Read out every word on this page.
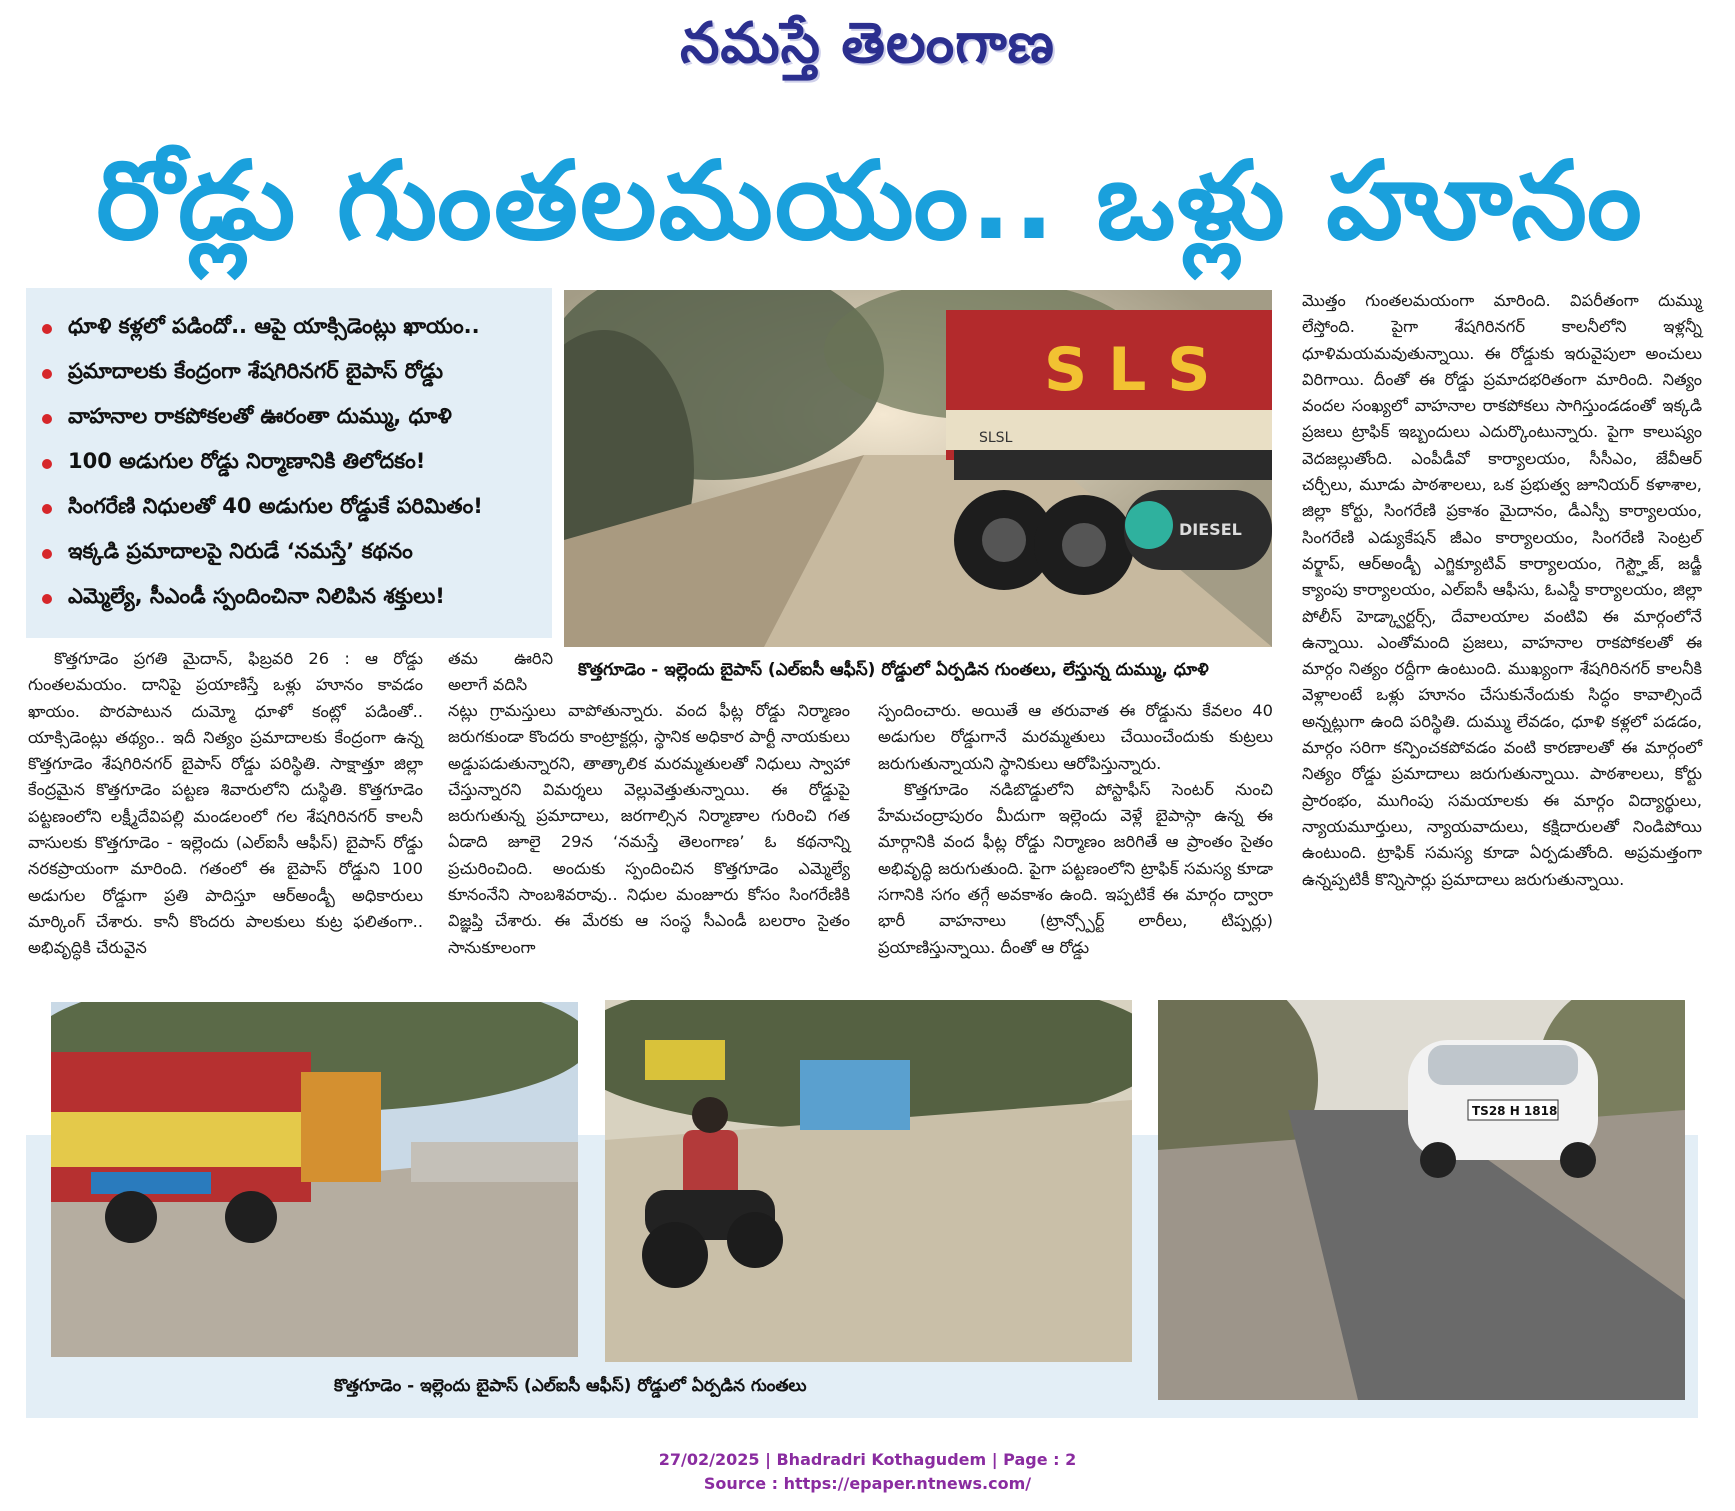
నమస్తే తెలంగాణ
రోడ్లు గుంతలమయం.. ఒళ్లు హూనం
ధూళి కళ్లలో పడిందో.. ఆపై యాక్సిడెంట్లు ఖాయం..
ప్రమాదాలకు కేంద్రంగా శేషగిరినగర్ బైపాస్ రోడ్డు
వాహనాల రాకపోకలతో ఊరంతా దుమ్ము, ధూళి
100 అడుగుల రోడ్డు నిర్మాణానికి తిలోదకం!
సింగరేణి నిధులతో 40 అడుగుల రోడ్డుకే పరిమితం!
ఇక్కడి ప్రమాదాలపై నిరుడే ‘నమస్తే’ కథనం
ఎమ్మెల్యే, సీఎండీ స్పందించినా నిలిపిన శక్తులు!
S L S
SLSL
DIESEL
కొత్తగూడెం - ఇల్లెందు బైపాస్ (ఎల్ఐసీ ఆఫీస్) రోడ్డులో ఏర్పడిన గుంతలు, లేస్తున్న దుమ్ము, ధూళి

కొత్తగూడెం ప్రగతి మైదాన్, ఫిబ్రవరి 26 : ఆ రోడ్డు గుంతలమయం. దానిపై ప్రయాణిస్తే ఒళ్లు హూనం కావడం ఖాయం. పొరపాటున దుమ్మో ధూళో కంట్లో పడింతో.. యాక్సిడెంట్లు తథ్యం.. ఇదీ నిత్యం ప్రమాదాలకు కేంద్రంగా ఉన్న కొత్తగూడెం శేషగిరినగర్ బైపాస్ రోడ్డు పరిస్థితి. సాక్షాత్తూ జిల్లా కేంద్రమైన కొత్తగూడెం పట్టణ శివారులోని దుస్థితి. కొత్తగూడెం పట్టణంలోని లక్ష్మీదేవిపల్లి మండలంలో గల శేషగిరినగర్ కాలనీ వాసులకు కొత్తగూడెం - ఇల్లెందు (ఎల్ఐసీ ఆఫీస్) బైపాస్ రోడ్డు నరకప్రాయంగా మారింది. గతంలో ఈ బైపాస్ రోడ్డుని 100 అడుగుల రోడ్డుగా ప్రతి పాదిస్తూ ఆర్అండ్బీ అధికారులు మార్కింగ్ చేశారు. కానీ కొందరు పాలకులు కుట్ర ఫలితంగా.. అభివృద్ధికి చేరువైన

తమ ఊరిని అలాగే వదిసి

నట్లు గ్రామస్తులు వాపోతున్నారు. వంద ఫీట్ల రోడ్డు నిర్మాణం జరుగకుండా కొందరు కాంట్రాక్టర్లు, స్థానిక అధికార పార్టీ నాయకులు అడ్డుపడుతున్నారని, తాత్కాలిక మరమ్మతులతో నిధులు స్వాహా చేస్తున్నారని విమర్శలు వెల్లువెత్తుతున్నాయి. ఈ రోడ్డుపై జరుగుతున్న ప్రమాదాలు, జరగాల్సిన నిర్మాణాల గురించి గత ఏడాది జూలై 29న ‘నమస్తే తెలంగాణ’ ఓ కథనాన్ని ప్రచురించింది. అందుకు స్పందించిన కొత్తగూడెం ఎమ్మెల్యే కూనంనేని సాంబశివరావు.. నిధుల మంజూరు కోసం సింగరేణికి విజ్ఞప్తి చేశారు. ఈ మేరకు ఆ సంస్థ సీఎండీ బలరాం సైతం సానుకూలంగా

స్పందించారు. అయితే ఆ తరువాత ఈ రోడ్డును కేవలం 40 అడుగుల రోడ్డుగానే మరమ్మతులు చేయించేందుకు కుట్రలు జరుగుతున్నాయని స్థానికులు ఆరోపిస్తున్నారు.

కొత్తగూడెం నడిబొడ్డులోని పోస్టాఫీస్ సెంటర్ నుంచి హేమచంద్రాపురం మీదుగా ఇల్లెందు వెళ్లే బైపాస్గా ఉన్న ఈ మార్గానికి వంద ఫీట్ల రోడ్డు నిర్మాణం జరిగితే ఆ ప్రాంతం సైతం అభివృద్ధి జరుగుతుంది. పైగా పట్టణంలోని ట్రాఫిక్ సమస్య కూడా సగానికి సగం తగ్గే అవకాశం ఉంది. ఇప్పటికే ఈ మార్గం ద్వారా భారీ వాహనాలు (ట్రాన్స్పోర్ట్ లారీలు, టిప్పర్లు) ప్రయాణిస్తున్నాయి. దీంతో ఆ రోడ్డు

మొత్తం గుంతలమయంగా మారింది. విపరీతంగా దుమ్ము లేస్తోంది. పైగా శేషగిరినగర్ కాలనీలోని ఇళ్లన్నీ ధూళిమయమవుతున్నాయి. ఈ రోడ్డుకు ఇరువైపులా అంచులు విరిగాయి. దీంతో ఈ రోడ్డు ప్రమాదభరితంగా మారింది. నిత్యం వందల సంఖ్యలో వాహనాల రాకపోకలు సాగిస్తుండడంతో ఇక్కడి ప్రజలు ట్రాఫిక్ ఇబ్బందులు ఎదుర్కొంటున్నారు. పైగా కాలుష్యం వెదజల్లుతోంది. ఎంపీడీవో కార్యాలయం, సీసీఎం, జేవీఆర్ చర్చీలు, మూడు పాఠశాలలు, ఒక ప్రభుత్వ జూనియర్ కళాశాల, జిల్లా కోర్టు, సింగరేణి ప్రకాశం మైదానం, డీఎస్పీ కార్యాలయం, సింగరేణి ఎడ్యుకేషన్ జీఎం కార్యాలయం, సింగరేణి సెంట్రల్ వర్క్షాప్, ఆర్అండ్బీ ఎగ్జిక్యూటివ్ కార్యాలయం, గెస్ట్హౌజ్, జడ్జీ క్యాంపు కార్యాలయం, ఎల్ఐసీ ఆఫీసు, ఓఎస్డీ కార్యాలయం, జిల్లా పోలీస్ హెడ్క్వార్టర్స్, దేవాలయాల వంటివి ఈ మార్గంలోనే ఉన్నాయి. ఎంతోమంది ప్రజలు, వాహనాల రాకపోకలతో ఈ మార్గం నిత్యం రద్దీగా ఉంటుంది. ముఖ్యంగా శేషగిరినగర్ కాలనీకి వెళ్లాలంటే ఒళ్లు హూనం చేసుకునేందుకు సిద్ధం కావాల్సిందే అన్నట్లుగా ఉంది పరిస్థితి. దుమ్ము లేవడం, ధూళి కళ్లలో పడడం, మార్గం సరిగా కన్పించకపోవడం వంటి కారణాలతో ఈ మార్గంలో నిత్యం రోడ్డు ప్రమాదాలు జరుగుతున్నాయి. పాఠశాలలు, కోర్టు ప్రారంభం, ముగింపు సమయాలకు ఈ మార్గం విద్యార్థులు, న్యాయమూర్తులు, న్యాయవాదులు, కక్షిదారులతో నిండిపోయి ఉంటుంది. ట్రాఫిక్ సమస్య కూడా ఏర్పడుతోంది. అప్రమత్తంగా ఉన్నప్పటికీ కొన్నిసార్లు ప్రమాదాలు జరుగుతున్నాయి.

TS28 H 1818
కొత్తగూడెం - ఇల్లెందు బైపాస్ (ఎల్ఐసీ ఆఫీస్) రోడ్డులో ఏర్పడిన గుంతలు
27/02/2025 | Bhadradri Kothagudem | Page : 2
Source : https://epaper.ntnews.com/
